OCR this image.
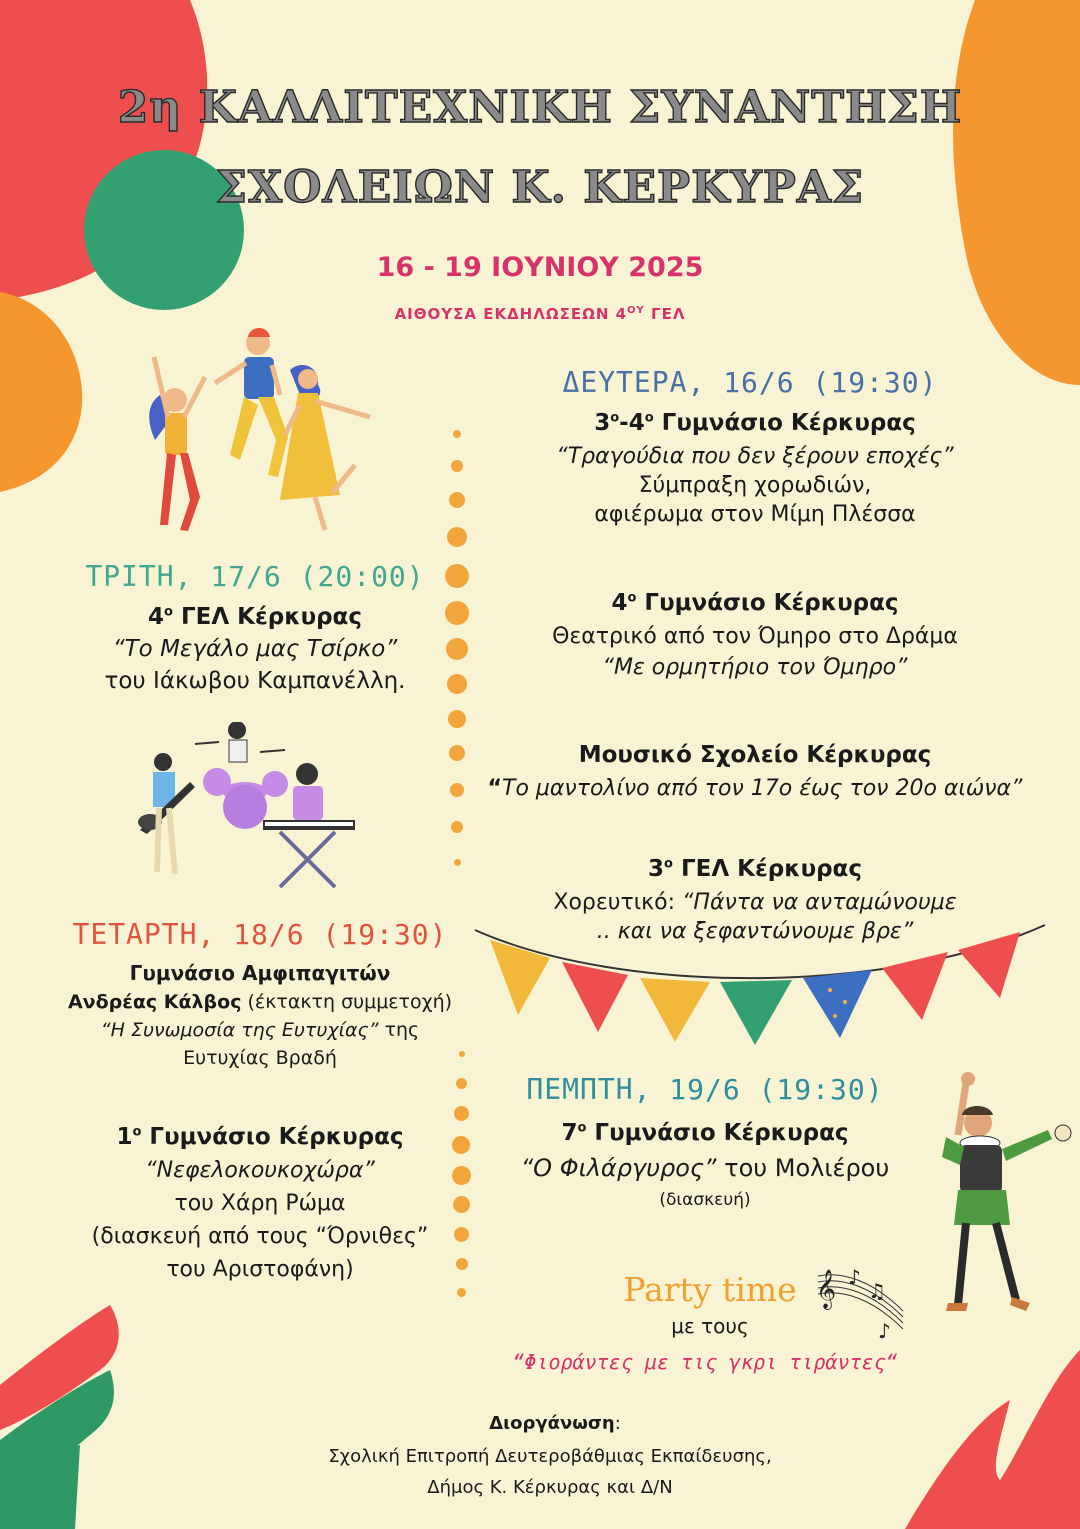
2η ΚΑΛΛΙΤΕΧΝΙΚΗ ΣΥΝΑΝΤΗΣΗ
ΣΧΟΛΕΙΩΝ Κ. ΚΕΡΚΥΡΑΣ
16 - 19 ΙΟΥΝΙΟΥ 2025
ΑΙΘΟΥΣΑ ΕΚΔΗΛΩΣΕΩΝ $4^{O\Upsilon}$ ΓΕΛ
𝄞 ♪
♫
♪
ΔΕΥΤΕΡΑ, 16/6 (19:30)
$3^o-4^o$ Γυμνάσιο Κέρκυρας
“Τραγούδια που δεν ξέρουν εποχές”
Σύμπραξη χορωδιών,
αφιέρωμα στον Μίμη Πλέσσα
$4^o$ Γυμνάσιο Κέρκυρας
Θεατρικό από τον Όμηρο στο Δράμα
“Με ορμητήριο τον Όμηρο”
Μουσικό Σχολείο Κέρκυρας
“Το μαντολίνο από τον 17ο έως τον 20ο αιώνα”
$3^o$ ΓΕΛ Κέρκυρας
Χορευτικό: “Πάντα να ανταμώνουμε
.. και να ξεφαντώνουμε βρε”
ΤΡΙΤΗ, 17/6 (20:00)
$4^o$ ΓΕΛ Κέρκυρας
“Το Μεγάλο μας Τσίρκο”
του Ιάκωβου Καμπανέλλη.
ΤΕΤΑΡΤΗ, 18/6 (19:30)
Γυμνάσιο Αμφιπαγιτών
Ανδρέας Κάλβος (έκτακτη συμμετοχή)
“Η Συνωμοσία της Ευτυχίας” της
Ευτυχίας Βραδή
$1^o$ Γυμνάσιο Κέρκυρας
“Νεφελοκουκοχώρα”
του Χάρη Ρώμα
(διασκευή από τους “Όρνιθες”
του Αριστοφάνη)
ΠΕΜΠΤΗ, 19/6 (19:30)
$7^o$ Γυμνάσιο Κέρκυρας
“Ο Φιλάργυρος” του Μολιέρου
(διασκευή)
Party time
με τους
“Φιοράντες με τις γκρι τιράντες“
Διοργάνωση:
Σχολική Επιτροπή Δευτεροβάθμιας Εκπαίδευσης,
Δήμος Κ. Κέρκυρας και Δ/Ν
